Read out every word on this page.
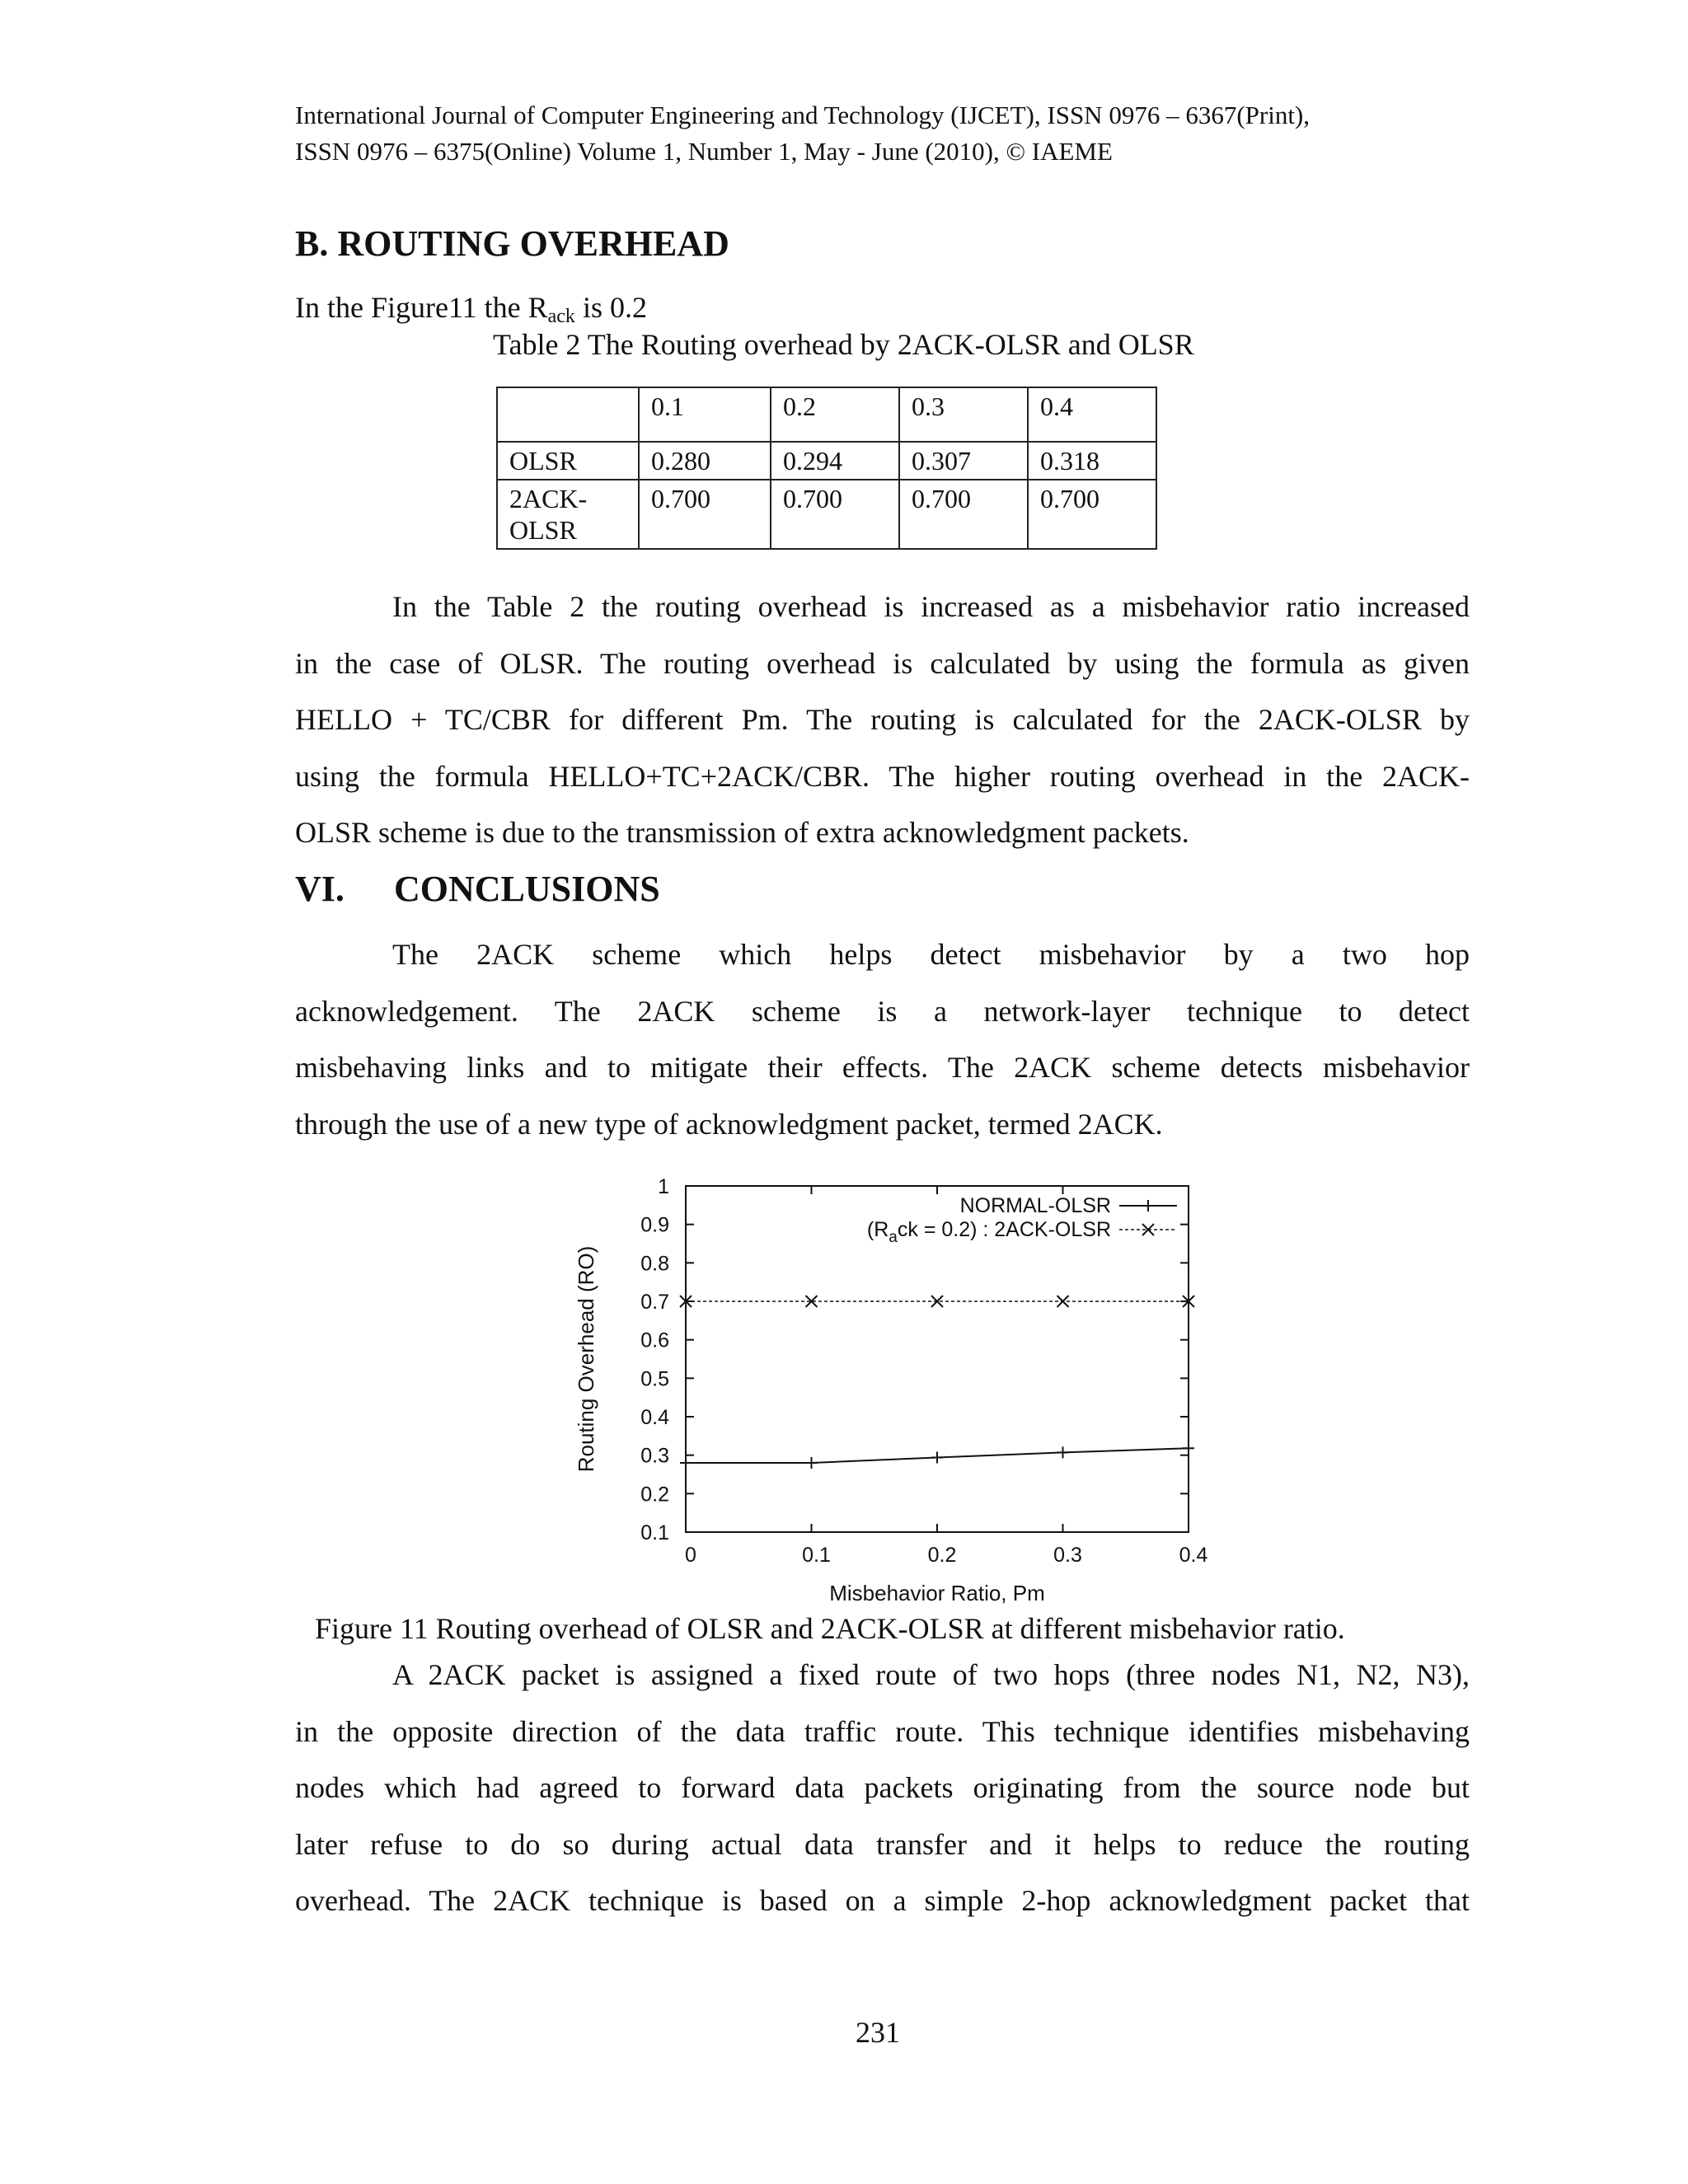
International Journal of Computer Engineering and Technology (IJCET), ISSN 0976 – 6367(Print),
ISSN 0976 – 6375(Online) Volume 1, Number 1, May - June (2010), © IAEME
B. ROUTING OVERHEAD
In the Figure11 the $R_{ack}$ is 0.2
Table 2 The Routing overhead by 2ACK-OLSR and OLSR
	0.1	0.2	0.3	0.4
OLSR	0.280	0.294	0.307	0.318
2ACK-
OLSR	0.700	0.700	0.700	0.700
In the Table 2 the routing overhead is increased as a misbehavior ratio increased
in the case of OLSR. The routing overhead is calculated by using the formula as given
HELLO + TC/CBR for different Pm. The routing is calculated for the 2ACK-OLSR by
using the formula HELLO+TC+2ACK/CBR. The higher routing overhead in the 2ACK-
OLSR scheme is due to the transmission of extra acknowledgment packets.
VI. CONCLUSIONS
The 2ACK scheme which helps detect misbehavior by a two hop
acknowledgement. The 2ACK scheme is a network-layer technique to detect
misbehaving links and to mitigate their effects. The 2ACK scheme detects misbehavior
through the use of a new type of acknowledgment packet, termed 2ACK.
0.1
0.2
0.3
0.4
0.5
0.6
0.7
0.8
0.9
1
0	0.1	0.2	0.3	0.4
NORMAL-OLSR
$(R_ack = 0.2)$ : 2ACK-OLSR
Misbehavior Ratio, Pm
Routing Overhead (RO)
Figure 11 Routing overhead of OLSR and 2ACK-OLSR at different misbehavior ratio.
A 2ACK packet is assigned a fixed route of two hops (three nodes N1, N2, N3),
in the opposite direction of the data traffic route. This technique identifies misbehaving
nodes which had agreed to forward data packets originating from the source node but
later refuse to do so during actual data transfer and it helps to reduce the routing
overhead. The 2ACK technique is based on a simple 2-hop acknowledgment packet that
231
